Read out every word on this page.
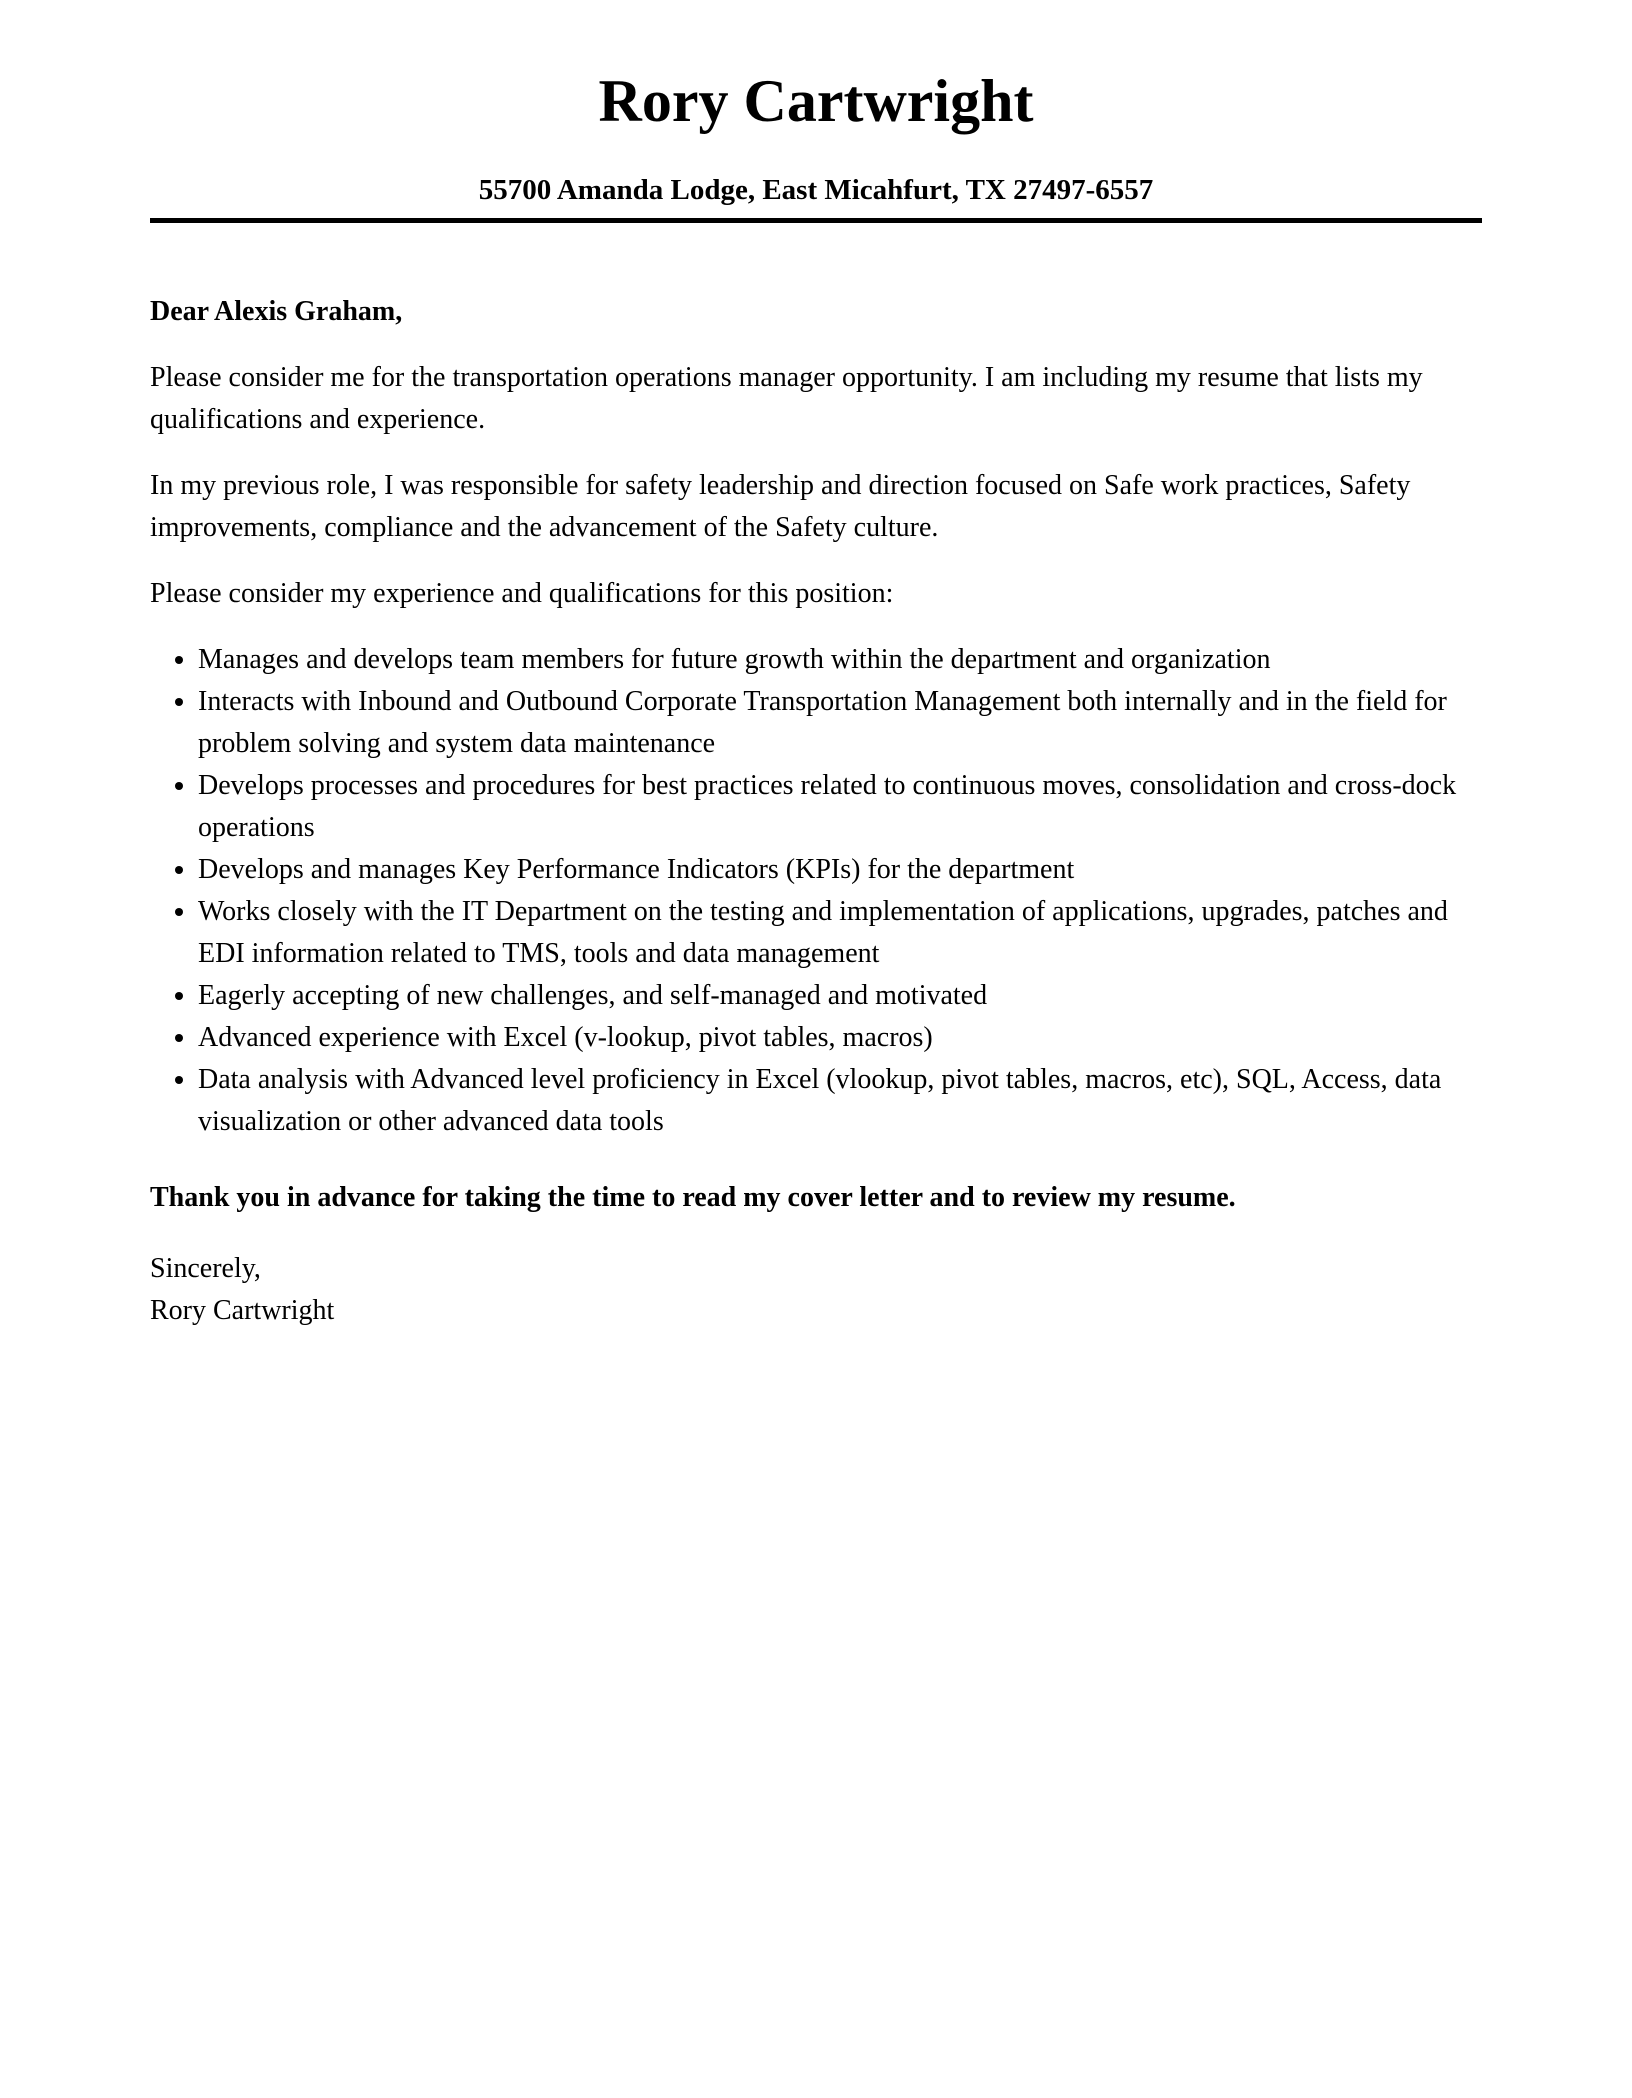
Rory Cartwright
55700 Amanda Lodge, East Micahfurt, TX 27497-6557

Dear Alexis Graham,

Please consider me for the transportation operations manager opportunity. I am including my resume that lists my qualifications and experience.

In my previous role, I was responsible for safety leadership and direction focused on Safe work practices, Safety improvements, compliance and the advancement of the Safety culture.

Please consider my experience and qualifications for this position:

• Manages and develops team members for future growth within the department and organization
• Interacts with Inbound and Outbound Corporate Transportation Management both internally and in the field for problem solving and system data maintenance
• Develops processes and procedures for best practices related to continuous moves, consolidation and cross-dock operations
• Develops and manages Key Performance Indicators (KPIs) for the department
• Works closely with the IT Department on the testing and implementation of applications, upgrades, patches and EDI information related to TMS, tools and data management
• Eagerly accepting of new challenges, and self-managed and motivated
• Advanced experience with Excel (v-lookup, pivot tables, macros)
• Data analysis with Advanced level proficiency in Excel (vlookup, pivot tables, macros, etc), SQL, Access, data visualization or other advanced data tools

Thank you in advance for taking the time to read my cover letter and to review my resume.

Sincerely,
Rory Cartwright
